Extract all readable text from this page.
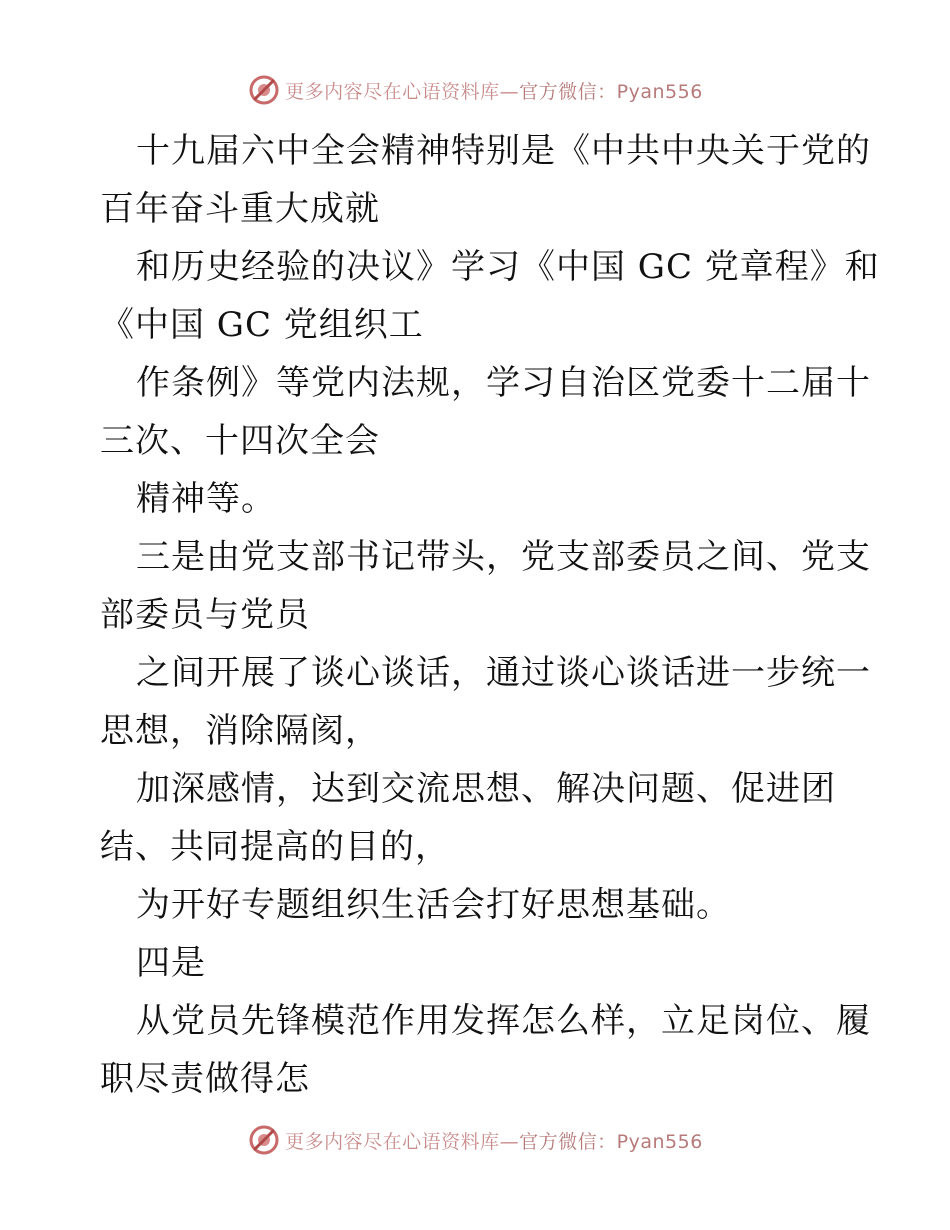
更多内容尽在心语资料库—官方微信：Pyan556
十九届六中全会精神特别是《中共中央关于党的
百年奋斗重大成就
和历史经验的决议》学习《中国 GC 党章程》和
《中国 GC 党组织工
作条例》等党内法规，学习自治区党委十二届十
三次、十四次全会
精神等。
三是由党支部书记带头，党支部委员之间、党支
部委员与党员
之间开展了谈心谈话，通过谈心谈话进一步统一
思想，消除隔阂，
加深感情，达到交流思想、解决问题、促进团
结、共同提高的目的，
为开好专题组织生活会打好思想基础。
四是
从党员先锋模范作用发挥怎么样，立足岗位、履
职尽责做得怎
更多内容尽在心语资料库—官方微信：Pyan556
